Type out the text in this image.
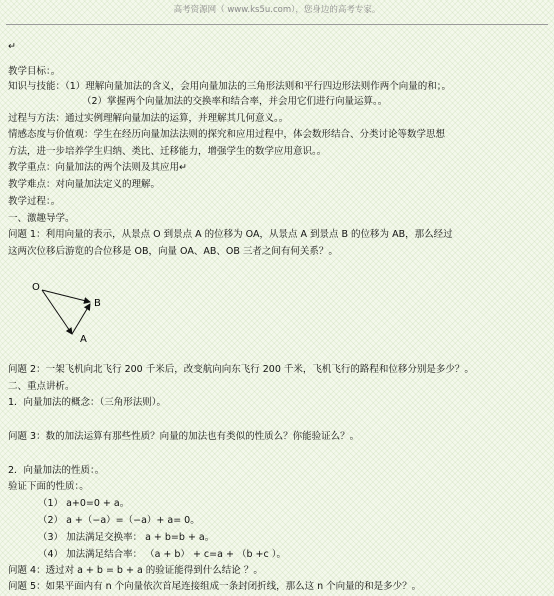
高考资源网（ www.ks5u.com），您身边的高考专家。
↵
教学目标：。
知识与技能：（1）理解向量加法的含义，会用向量加法的三角形法则和平行四边形法则作两个向量的和；。
（2）掌握两个向量加法的交换率和结合率，并会用它们进行向量运算。。
过程与方法：通过实例理解向量加法的运算，并理解其几何意义。。
情感态度与价值观：学生在经历向量加法法则的探究和应用过程中，体会数形结合、分类讨论等数学思想
方法，进一步培养学生归纳、类比、迁移能力，增强学生的数学应用意识。。
教学重点：向量加法的两个法则及其应用↵
教学难点：对向量加法定义的理解。
教学过程：。
一、激趣导学。
问题 1：利用向量的表示，从景点 O 到景点 A 的位移为 OA，从景点 A 到景点 B 的位移为 AB，那么经过
这两次位移后游览的合位移是 OB，向量 OA、AB、OB 三者之间有何关系？。
O
B
A
问题 2：一架飞机向北飞行 200 千米后，改变航向向东飞行 200 千米，飞机飞行的路程和位移分别是多少？。
二、重点讲析。
1．向量加法的概念：（三角形法则）。
问题 3：数的加法运算有那些性质？向量的加法也有类似的性质么？你能验证么？。
2．向量加法的性质：。
验证下面的性质：。
（1） a+0=0 + a。
（2） a +（−a）=（−a）+ a= 0。
（3） 加法满足交换率： a + b=b + a。
（4） 加法满足结合率： （a + b） + c=a + （b +c ）。
问题 4：透过对 a + b = b + a 的验证能得到什么结论 ？。
问题 5：如果平面内有 n 个向量依次首尾连接组成一条封闭折线，那么这 n 个向量的和是多少？。
